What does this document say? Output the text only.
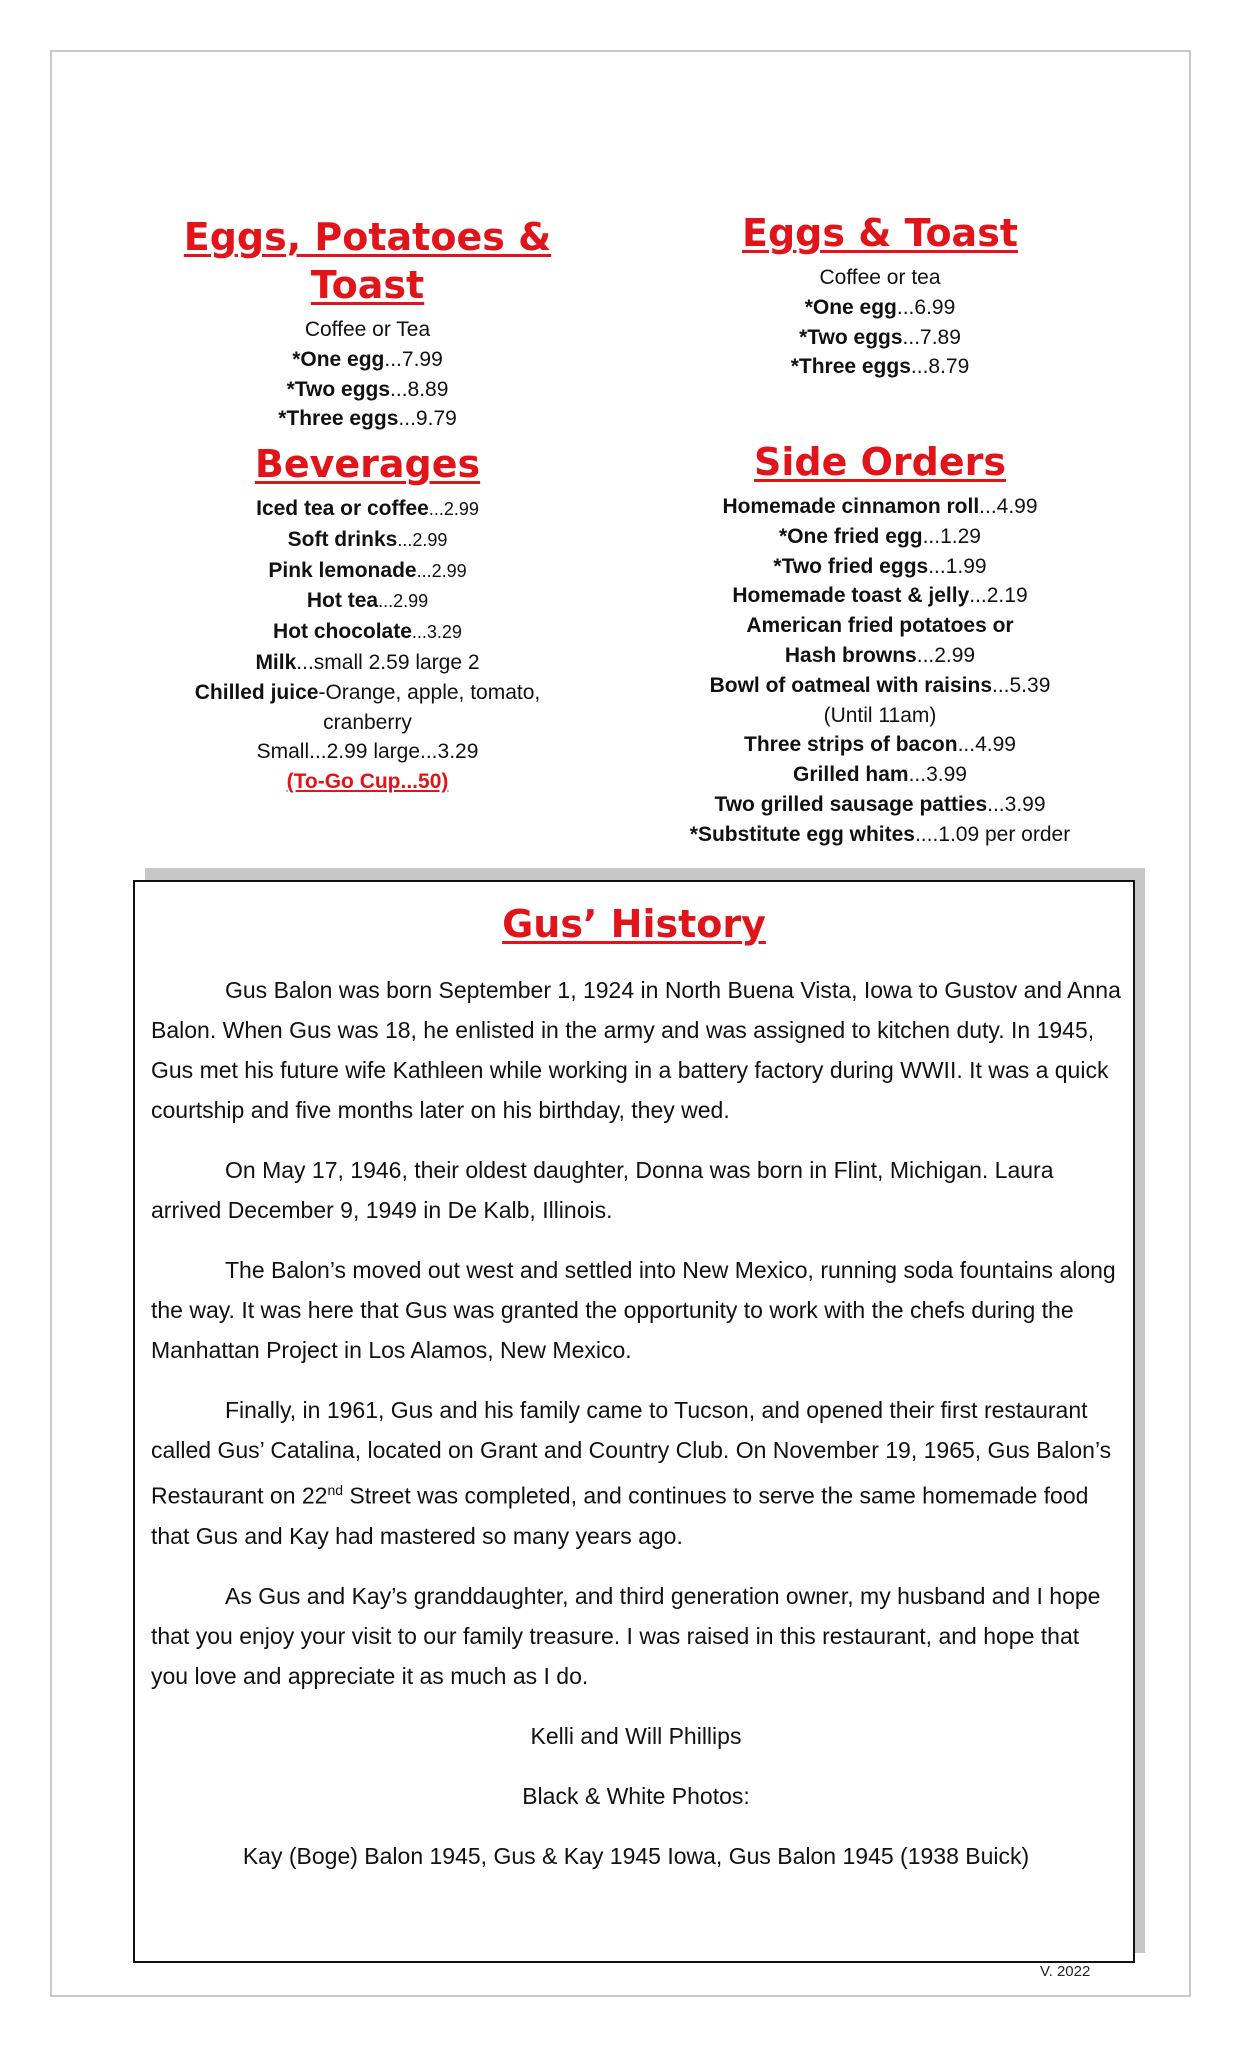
Eggs, Potatoes & Toast
Coffee or Tea
*One egg...7.99
*Two eggs...8.89
*Three eggs...9.79
Eggs & Toast
Coffee or tea
*One egg...6.99
*Two eggs...7.89
*Three eggs...8.79
Beverages
Iced tea or coffee...2.99
Soft drinks...2.99
Pink lemonade...2.99
Hot tea...2.99
Hot chocolate...3.29
Milk...small 2.59 large 2
Chilled juice-Orange, apple, tomato,
cranberry
Small...2.99 large...3.29
(To-Go Cup...50)
Side Orders
Homemade cinnamon roll...4.99
*One fried egg...1.29
*Two fried eggs...1.99
Homemade toast & jelly...2.19
American fried potatoes or
Hash browns...2.99
Bowl of oatmeal with raisins...5.39
(Until 11am)
Three strips of bacon...4.99
Grilled ham...3.99
Two grilled sausage patties...3.99
*Substitute egg whites....1.09 per order
Gus’ History

Gus Balon was born September 1, 1924 in North Buena Vista, Iowa to Gustov and Anna Balon. When Gus was 18, he enlisted in the army and was assigned to kitchen duty. In 1945, Gus met his future wife Kathleen while working in a battery factory during WWII. It was a quick courtship and five months later on his birthday, they wed.

On May 17, 1946, their oldest daughter, Donna was born in Flint, Michigan. Laura arrived December 9, 1949 in De Kalb, Illinois.

The Balon’s moved out west and settled into New Mexico, running soda fountains along the way. It was here that Gus was granted the opportunity to work with the chefs during the Manhattan Project in Los Alamos, New Mexico.

Finally, in 1961, Gus and his family came to Tucson, and opened their first restaurant called Gus’ Catalina, located on Grant and Country Club. On November 19, 1965, Gus Balon’s Restaurant on 22nd Street was completed, and continues to serve the same homemade food that Gus and Kay had mastered so many years ago.

As Gus and Kay’s granddaughter, and third generation owner, my husband and I hope that you enjoy your visit to our family treasure. I was raised in this restaurant, and hope that you love and appreciate it as much as I do.

Kelli and Will Phillips
Black & White Photos:
Kay (Boge) Balon 1945, Gus & Kay 1945 Iowa, Gus Balon 1945 (1938 Buick)
V. 2022
